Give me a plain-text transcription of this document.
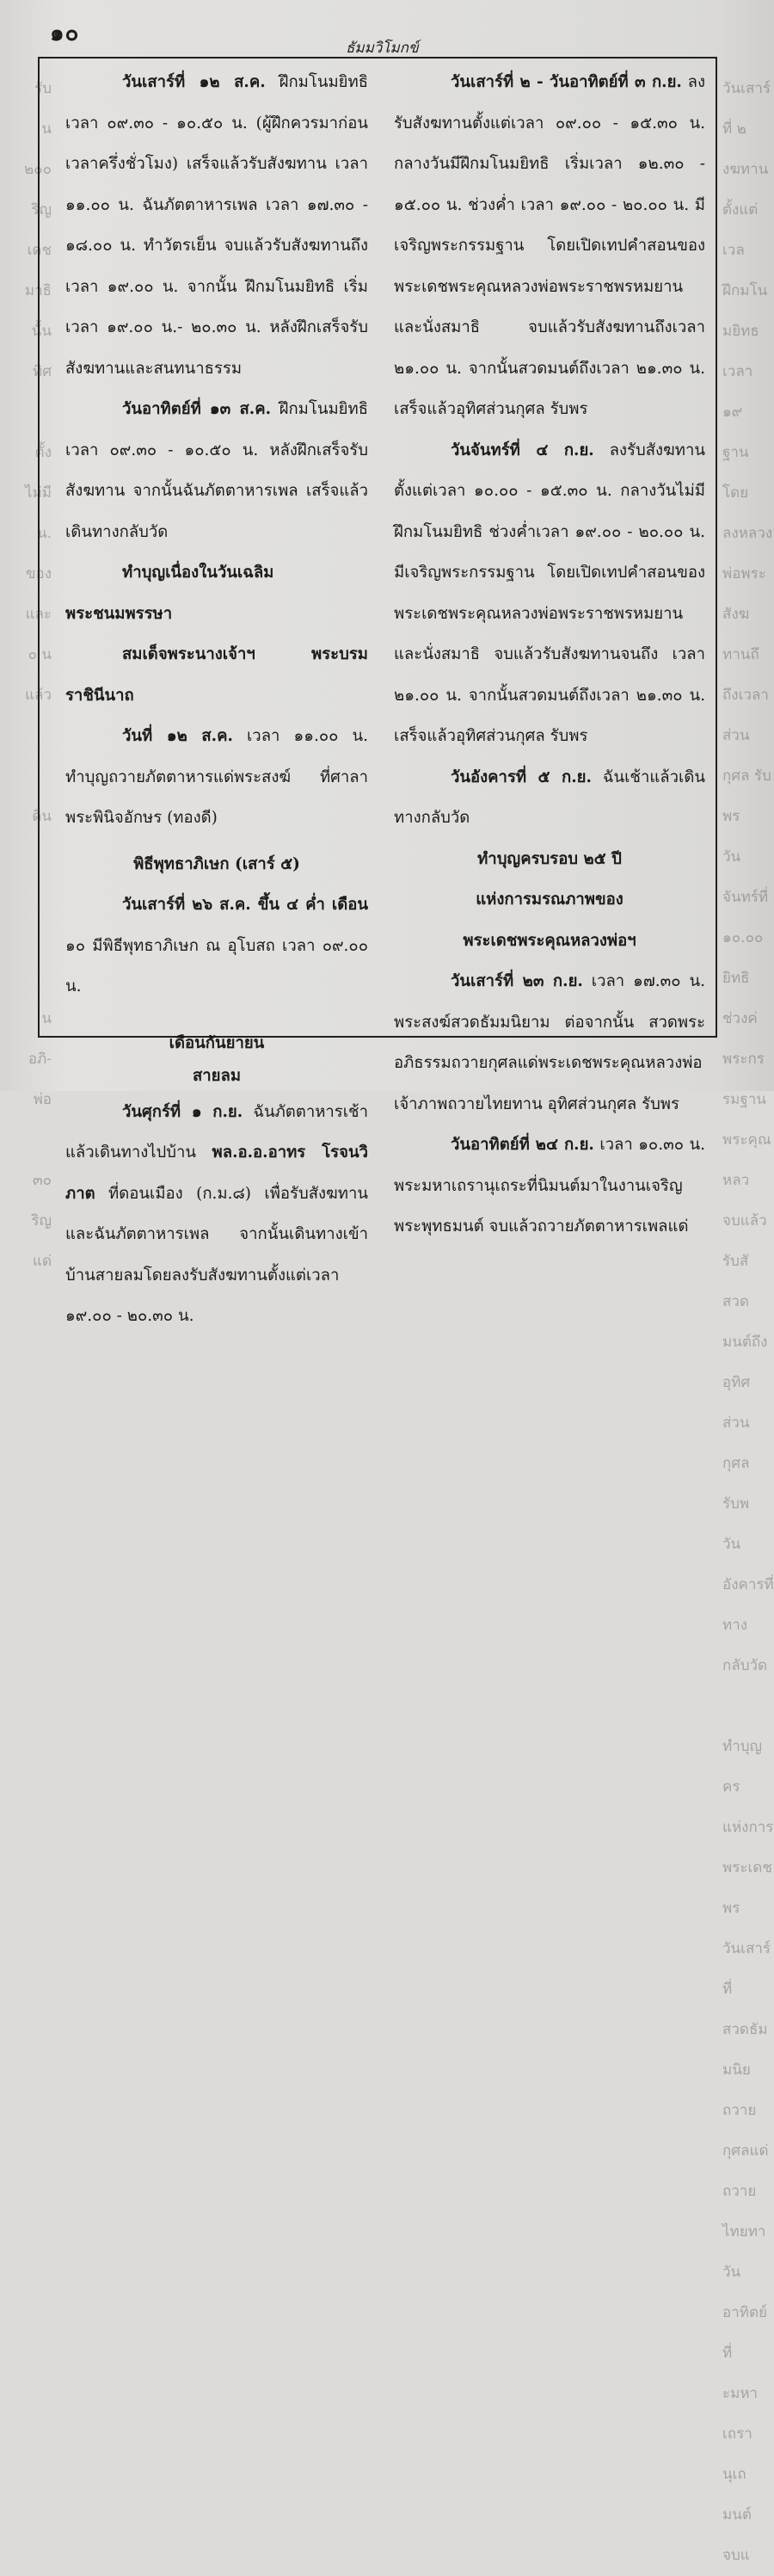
รับ
น
๒๐๐
ริญ
เดช
มาธิ
นั้น
ทิศ

ตั้ง
ไม่มี
น.
ของ
และ
๐ น
แล้ว

ดิน

น
อภิ-
พ่อ

๓๐
ริญ
แด่
วันเสาร์ที่ ๒
งฆทานตั้งแต่เวล
ฝึกมโนมยิทธ
เวลา ๑๙
ฐาน โดย
ลงหลวงพ่อพระ
สังฆทานถึ
ถึงเวลา
ส่วนกุศล รับพร
วันจันทร์ที่
๑๐.๐๐
ยิทธิ ช่วงค่
พระกรรมฐาน
พระคุณหลว
จบแล้วรับสั
สวดมนต์ถึง
อุทิศส่วนกุศล รับพ
วันอังคารที่
ทางกลับวัด

ทำบุญคร
แห่งการ
พระเดชพร
วันเสาร์ที่
สวดธัมมนิย
ถวายกุศลแด่
ถวายไทยทา
วันอาทิตย์ที่
ะมหาเถรานุเถ
มนต์ จบแ
๑๐
ธัมมวิโมกข์

วันเสาร์ที่ ๑๒ ส.ค. ฝึกมโนมยิทธิ เวลา ๐๙.๓๐ - ๑๐.๕๐ น. (ผู้ฝึกควรมาก่อนเวลาครึ่งชั่วโมง) เสร็จแล้วรับสังฆทาน เวลา ๑๑.๐๐ น. ฉันภัตตาหารเพล เวลา ๑๗.๓๐ - ๑๘.๐๐ น. ทำวัตรเย็น จบแล้วรับสังฆทานถึงเวลา ๑๙.๐๐ น. จากนั้น ฝึกมโนมยิทธิ เริ่มเวลา ๑๙.๐๐ น.- ๒๐.๓๐ น. หลังฝึกเสร็จรับสังฆทานและสนทนาธรรม

วันอาทิตย์ที่ ๑๓ ส.ค. ฝึกมโนมยิทธิ เวลา ๐๙.๓๐ - ๑๐.๕๐ น. หลังฝึกเสร็จรับสังฆทาน จากนั้นฉันภัตตาหารเพล เสร็จแล้วเดินทางกลับวัด

ทำบุญเนื่องในวันเฉลิมพระชนมพรรษา

สมเด็จพระนางเจ้าฯ พระบรมราชินีนาถ

วันที่ ๑๒ ส.ค. เวลา ๑๑.๐๐ น. ทำบุญถวายภัตตาหารแด่พระสงฆ์ ที่ศาลาพระพินิจอักษร (ทองดี)

พิธีพุทธาภิเษก (เสาร์ ๕)

วันเสาร์ที่ ๒๖ ส.ค. ขึ้น ๔ ค่ำ เดือน ๑๐ มีพิธีพุทธาภิเษก ณ อุโบสถ เวลา ๐๙.๐๐ น.

เดือนกันยายน

สายลม

วันศุกร์ที่ ๑ ก.ย. ฉันภัตตาหารเช้าแล้วเดินทางไปบ้าน พล.อ.อ.อาทร โรจนวิภาต ที่ดอนเมือง (ก.ม.๘) เพื่อรับสังฆทานและฉันภัตตาหารเพล จากนั้นเดินทางเข้าบ้านสายลมโดยลงรับสังฆทานตั้งแต่เวลา ๑๙.๐๐ - ๒๐.๓๐ น.

วันเสาร์ที่ ๒ - วันอาทิตย์ที่ ๓ ก.ย. ลงรับสังฆทานตั้งแต่เวลา ๐๙.๐๐ - ๑๕.๓๐ น. กลางวันมีฝึกมโนมยิทธิ เริ่มเวลา ๑๒.๓๐ - ๑๕.๐๐ น. ช่วงค่ำ เวลา ๑๙.๐๐ - ๒๐.๐๐ น. มีเจริญพระกรรมฐาน โดยเปิดเทปคำสอนของพระเดชพระคุณหลวงพ่อพระราชพรหมยานและนั่งสมาธิ จบแล้วรับสังฆทานถึงเวลา ๒๑.๐๐ น. จากนั้นสวดมนต์ถึงเวลา ๒๑.๓๐ น. เสร็จแล้วอุทิศส่วนกุศล รับพร

วันจันทร์ที่ ๔ ก.ย. ลงรับสังฆทาน ตั้งแต่เวลา ๑๐.๐๐ - ๑๕.๓๐ น. กลางวันไม่มีฝึกมโนมยิทธิ ช่วงค่ำเวลา ๑๙.๐๐ - ๒๐.๐๐ น. มีเจริญพระกรรมฐาน โดยเปิดเทปคำสอนของพระเดชพระคุณหลวงพ่อพระราชพรหมยานและนั่งสมาธิ จบแล้วรับสังฆทานจนถึง เวลา ๒๑.๐๐ น. จากนั้นสวดมนต์ถึงเวลา ๒๑.๓๐ น. เสร็จแล้วอุทิศส่วนกุศล รับพร

วันอังคารที่ ๕ ก.ย. ฉันเช้าแล้วเดินทางกลับวัด

ทำบุญครบรอบ ๒๕ ปี

แห่งการมรณภาพของ

พระเดชพระคุณหลวงพ่อฯ

วันเสาร์ที่ ๒๓ ก.ย. เวลา ๑๗.๓๐ น. พระสงฆ์สวดธัมมนิยาม ต่อจากนั้น สวดพระอภิธรรมถวายกุศลแด่พระเดชพระคุณหลวงพ่อเจ้าภาพถวายไทยทาน อุทิศส่วนกุศล รับพร

วันอาทิตย์ที่ ๒๔ ก.ย. เวลา ๑๐.๓๐ น. พระมหาเถรานุเถระที่นิมนต์มาในงานเจริญพระพุทธมนต์ จบแล้วถวายภัตตาหารเพลแด่
